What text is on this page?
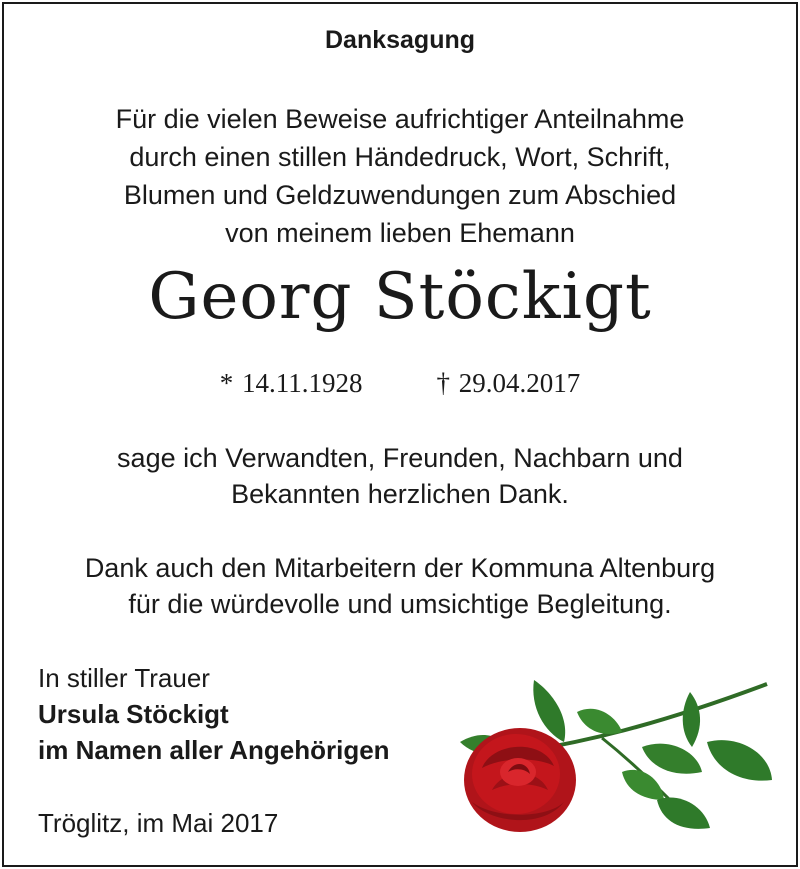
Danksagung
Für die vielen Beweise aufrichtiger Anteilnahme
durch einen stillen Händedruck, Wort, Schrift,
Blumen und Geldzuwendungen zum Abschied
von meinem lieben Ehemann
Georg Stöckigt
* 14.11.1928	† 29.04.2017
sage ich Verwandten, Freunden, Nachbarn und
Bekannten herzlichen Dank.
Dank auch den Mitarbeitern der Kommuna Altenburg
für die würdevolle und umsichtige Begleitung.
In stiller Trauer
Ursula Stöckigt
im Namen aller Angehörigen
Tröglitz, im Mai 2017
